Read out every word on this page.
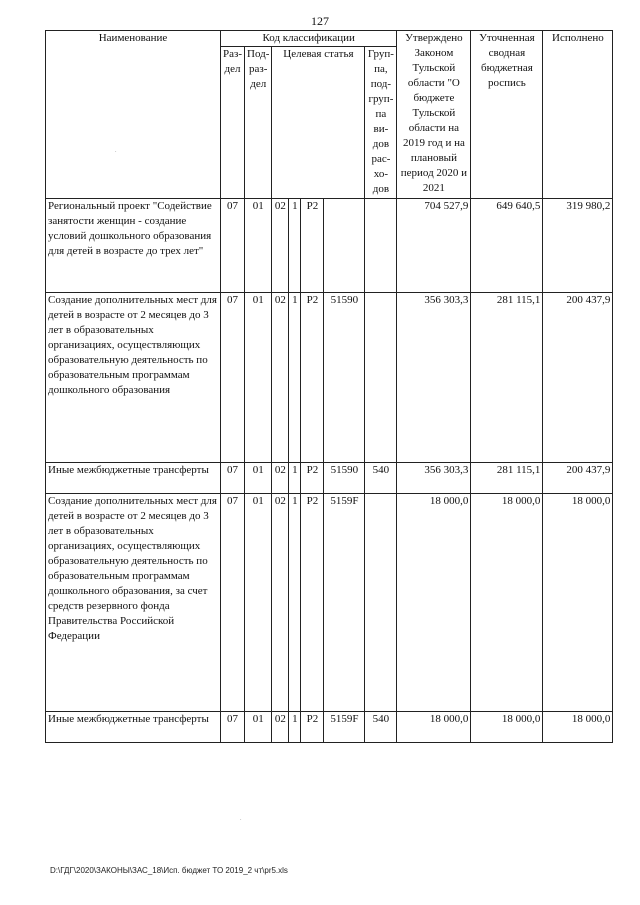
127
Наименование	Код классификации							Утверждено Законом Тульской области "О бюджете Тульской области на 2019 год и на плановый период 2020 и 2021	Уточненная сводная бюджетная роспись	Исполнено
	Раз-дел	Под-раз-дел	Целевая статья				Груп-па, под-груп-па ви-дов рас-хо-дов			
Региональный проект "Содействие занятости женщин - создание условий дошкольного образования для детей в возрасте до трех лет"	07	01	02	1	P2			704 527,9	649 640,5	319 980,2
Создание дополнительных мест для детей в возрасте от 2 месяцев до 3 лет в образовательных организациях, осуществляющих образовательную деятельность по образовательным программам дошкольного образования	07	01	02	1	P2	51590		356 303,3	281 115,1	200 437,9
Иные межбюджетные трансферты	07	01	02	1	P2	51590	540	356 303,3	281 115,1	200 437,9
Создание дополнительных мест для детей в возрасте от 2 месяцев до 3 лет в образовательных организациях, осуществляющих образовательную деятельность по образовательным программам дошкольного образования, за счет средств резервного фонда Правительства Российской Федерации	07	01	02	1	P2	5159F		18 000,0	18 000,0	18 000,0
Иные межбюджетные трансферты	07	01	02	1	P2	5159F	540	18 000,0	18 000,0	18 000,0
.
.
D:\ГДГ\2020\ЗАКОНЫ\ЗАС_18\Исп. бюджет ТО 2019_2 чт\pr5.xls
